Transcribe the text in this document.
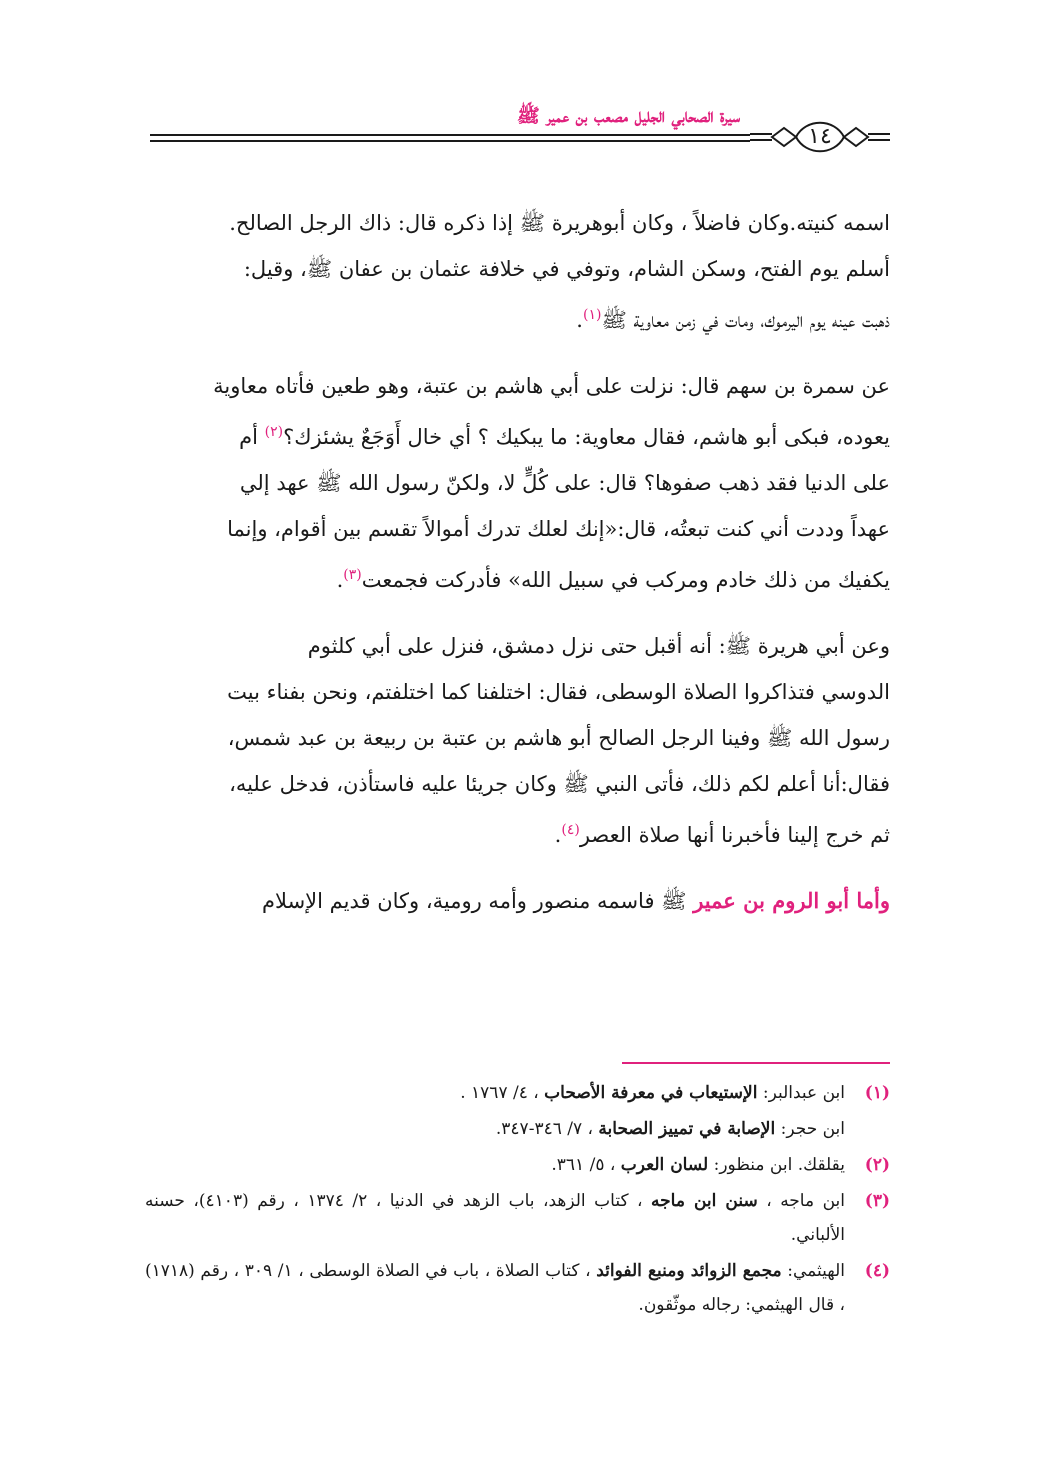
سيرة الصحابي الجليل مصعب بن عمير ﷺ
١٤

اسمه كنيته.وكان فاضلاً ، وكان أبوهريرة ﷺ إذا ذكره قال: ذاك الرجل الصالح.

أسلم يوم الفتح، وسكن الشام، وتوفي في خلافة عثمان بن عفان ﷺ، وقيل:

ذهبت عينه يوم اليرموك، ومات في زمن معاوية ﷺ$^{(١)}$.

عن سمرة بن سهم قال: نزلت على أبي هاشم بن عتبة، وهو طعين فأتاه معاوية

يعوده، فبكى أبو هاشم، فقال معاوية: ما يبكيك ؟ أي خال أَوَجَعٌ يشئزك؟$^{(٢)}$ أم

على الدنيا فقد ذهب صفوها؟ قال: على كُلٍّ لا، ولكنّ رسول الله ﷺ عهد إلي

عهداً وددت أني كنت تبعتُه، قال:«إنك لعلك تدرك أموالاً تقسم بين أقوام، وإنما

يكفيك من ذلك خادم ومركب في سبيل الله» فأدركت فجمعت$^{(٣)}$.

وعن أبي هريرة ﷺ: أنه أقبل حتى نزل دمشق، فنزل على أبي كلثوم

الدوسي فتذاكروا الصلاة الوسطى، فقال: اختلفنا كما اختلفتم، ونحن بفناء بيت

رسول الله ﷺ وفينا الرجل الصالح أبو هاشم بن عتبة بن ربيعة بن عبد شمس،

فقال:أنا أعلم لكم ذلك، فأتى النبي ﷺ وكان جريئا عليه فاستأذن، فدخل عليه،

ثم خرج إلينا فأخبرنا أنها صلاة العصر$^{(٤)}$.

وأما أبو الروم بن عمير ﷺ فاسمه منصور وأمه رومية، وكان قديم الإسلام

(١)
ابن عبدالبر: الإستيعاب في معرفة الأصحاب ، ٤/ ١٧٦٧ .
ابن حجر: الإصابة في تمييز الصحابة ، ٧/ ٣٤٦-٣٤٧.
(٢)
يقلقك. ابن منظور: لسان العرب ، ٥/ ٣٦١.
(٣)
ابن ماجه ، سنن ابن ماجه ، كتاب الزهد، باب الزهد في الدنيا ، ٢/ ١٣٧٤ ، رقم (٤١٠٣)، حسنه الألباني.
(٤)
الهيثمي: مجمع الزوائد ومنبع الفوائد ، كتاب الصلاة ، باب في الصلاة الوسطى ، ١/ ٣٠٩ ، رقم (١٧١٨) ، قال الهيثمي: رجاله موثّقون.
